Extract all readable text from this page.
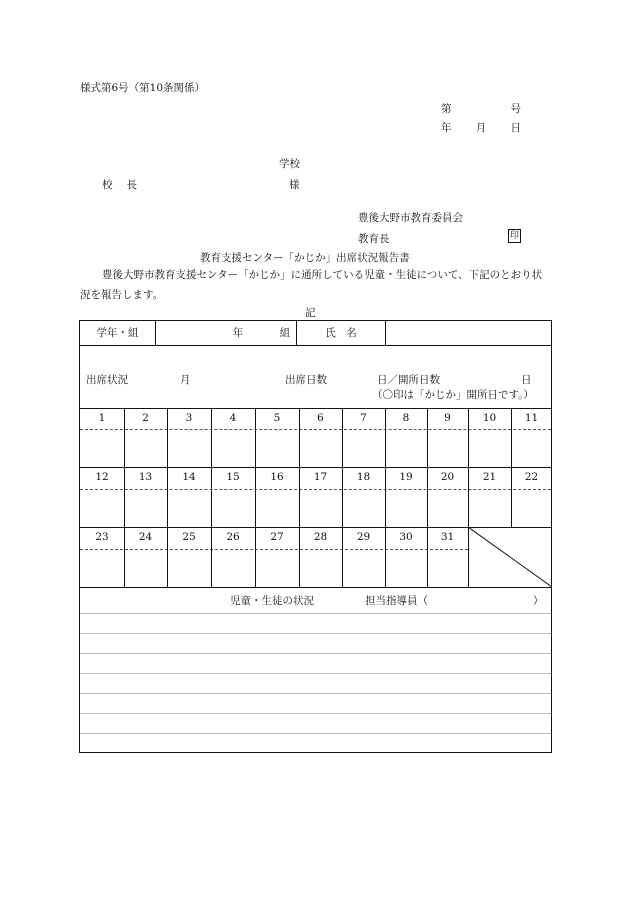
様式第6号（第10条関係）
第	号
年 月 日
学校
校長	様
豊後大野市教育委員会
教育長	印
教育支援センター「かじか」出席状況報告書
豊後大野市教育支援センター「かじか」に通所している児童・生徒について、下記のとおり状況を報告します。
記
学年・組	年	組	氏　名
出席状況	月	出席日数	日／開所日数	日
（〇印は「かじか」開所日です。）
1	2	3	4	5	6	7	8	9	10	11
12	13	14	15	16	17	18	19	20	21	22
23	24	25	26	27	28	29	30	31
児童・生徒の状況	担当指導員（	）
